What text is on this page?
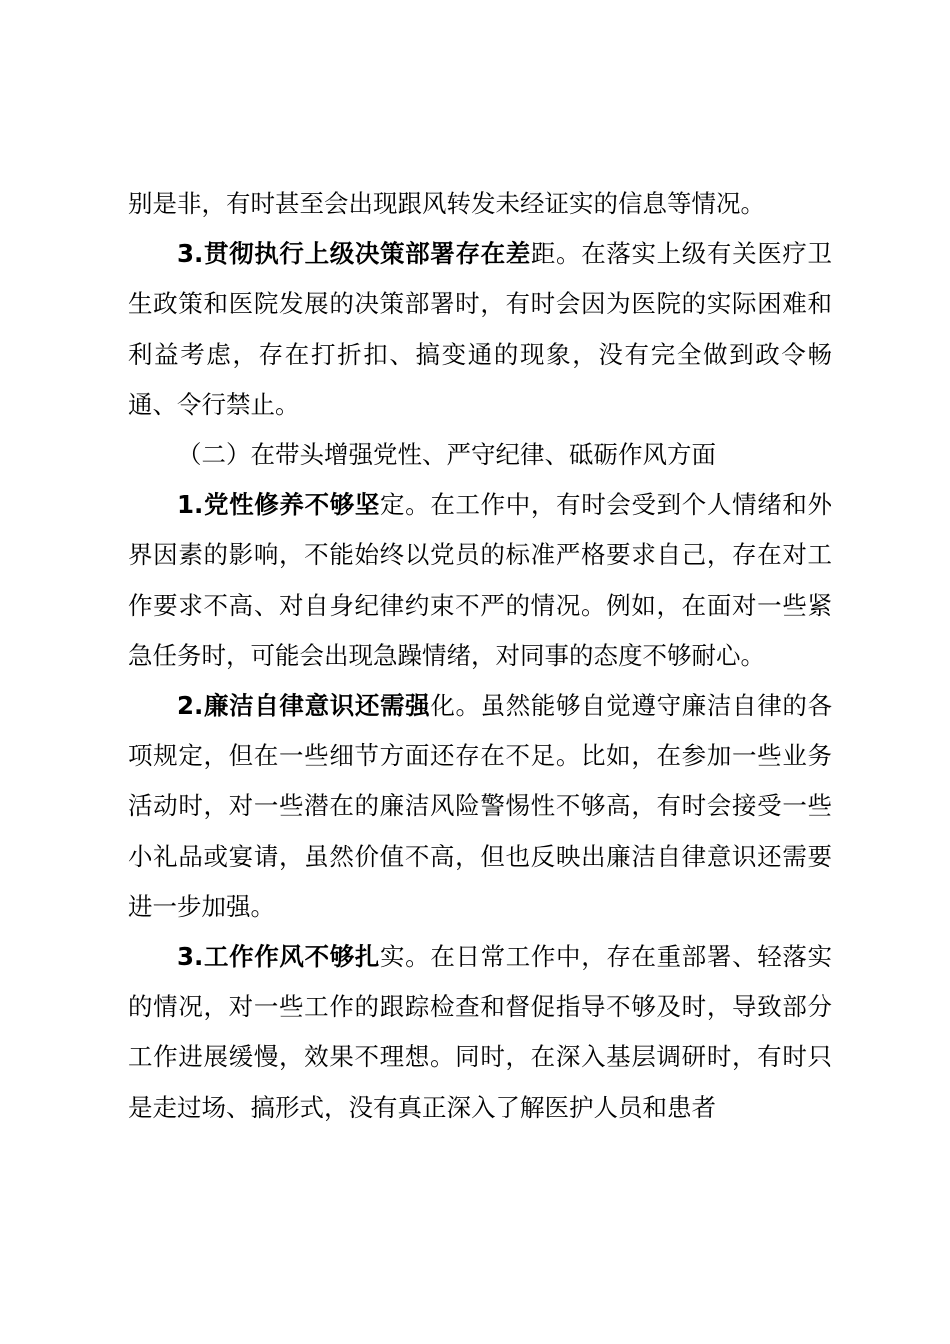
别是非，有时甚至会出现跟风转发未经证实的信息等情况。

3.贯彻执行上级决策部署存在差距。在落实上级有关医疗卫生政策和医院发展的决策部署时，有时会因为医院的实际困难和利益考虑，存在打折扣、搞变通的现象，没有完全做到政令畅通、令行禁止。

（二）在带头增强党性、严守纪律、砥砺作风方面

1.党性修养不够坚定。在工作中，有时会受到个人情绪和外界因素的影响，不能始终以党员的标准严格要求自己，存在对工作要求不高、对自身纪律约束不严的情况。例如，在面对一些紧急任务时，可能会出现急躁情绪，对同事的态度不够耐心。

2.廉洁自律意识还需强化。虽然能够自觉遵守廉洁自律的各项规定，但在一些细节方面还存在不足。比如，在参加一些业务活动时，对一些潜在的廉洁风险警惕性不够高，有时会接受一些小礼品或宴请，虽然价值不高，但也反映出廉洁自律意识还需要进一步加强。

3.工作作风不够扎实。在日常工作中，存在重部署、轻落实的情况，对一些工作的跟踪检查和督促指导不够及时，导致部分工作进展缓慢，效果不理想。同时，在深入基层调研时，有时只是走过场、搞形式，没有真正深入了解医护人员和患者
